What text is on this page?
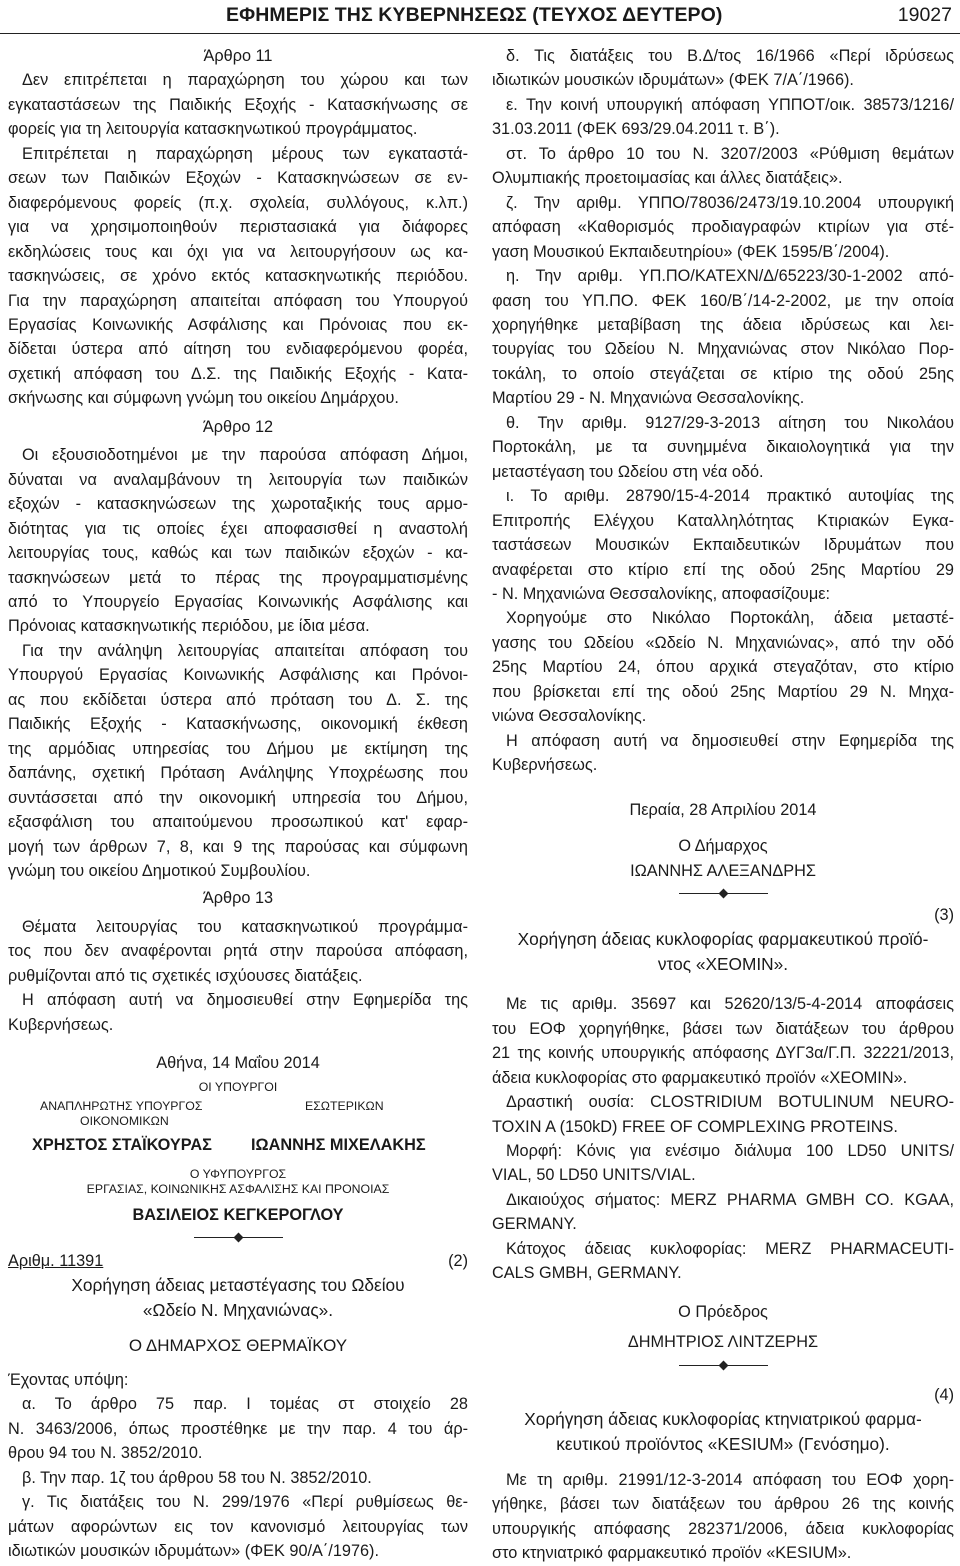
ΕΦΗΜΕΡΙΣ ΤΗΣ ΚΥΒΕΡΝΗΣΕΩΣ (ΤΕΥΧΟΣ ΔΕΥΤΕΡΟ)	19027

Άρθρο 11

Δεν επιτρέπεται η παραχώρηση του χώρου και των

εγκαταστάσεων της Παιδικής Εξοχής - Κατασκήνωσης σε

φορείς για τη λειτουργία κατασκηνωτικού προγράμματος.

Επιτρέπεται η παραχώρηση μέρους των εγκαταστά-

σεων των Παιδικών Εξοχών - Κατασκηνώσεων σε εν-

διαφερόμενους φορείς (π.χ. σχολεία, συλλόγους, κ.λπ.)

για να χρησιμοποιηθούν περιστασιακά για διάφορες

εκδηλώσεις τους και όχι για να λειτουργήσουν ως κα-

τασκηνώσεις, σε χρόνο εκτός κατασκηνωτικής περιόδου.

Για την παραχώρηση απαιτείται απόφαση του Υπουργού

Εργασίας Κοινωνικής Ασφάλισης και Πρόνοιας που εκ-

δίδεται ύστερα από αίτηση του ενδιαφερόμενου φορέα,

σχετική απόφαση του Δ.Σ. της Παιδικής Εξοχής - Κατα-

σκήνωσης και σύμφωνη γνώμη του οικείου Δημάρχου.

Άρθρο 12

Οι εξουσιοδοτημένοι με την παρούσα απόφαση Δήμοι,

δύναται να αναλαμβάνουν τη λειτουργία των παιδικών

εξοχών - κατασκηνώσεων της χωροταξικής τους αρμο-

διότητας για τις οποίες έχει αποφασισθεί η αναστολή

λειτουργίας τους, καθώς και των παιδικών εξοχών - κα-

τασκηνώσεων μετά το πέρας της προγραμματισμένης

από το Υπουργείο Εργασίας Κοινωνικής Ασφάλισης και

Πρόνοιας κατασκηνωτικής περιόδου, με ίδια μέσα.

Για την ανάληψη λειτουργίας απαιτείται απόφαση του

Υπουργού Εργασίας Κοινωνικής Ασφάλισης και Πρόνοι-

ας που εκδίδεται ύστερα από πρόταση του Δ. Σ. της

Παιδικής Εξοχής - Κατασκήνωσης, οικονομική έκθεση

της αρμόδιας υπηρεσίας του Δήμου με εκτίμηση της

δαπάνης, σχετική Πρόταση Ανάληψης Υποχρέωσης που

συντάσσεται από την οικονομική υπηρεσία του Δήμου,

εξασφάλιση του απαιτούμενου προσωπικού κατ' εφαρ-

μογή των άρθρων 7, 8, και 9 της παρούσας και σύμφωνη

γνώμη του οικείου Δημοτικού Συμβουλίου.

Άρθρο 13

Θέματα λειτουργίας του κατασκηνωτικού προγράμμα-

τος που δεν αναφέρονται ρητά στην παρούσα απόφαση,

ρυθμίζονται από τις σχετικές ισχύουσες διατάξεις.

Η απόφαση αυτή να δημοσιευθεί στην Εφημερίδα της

Κυβερνήσεως.

Αθήνα, 14 Μαΐου 2014

ΟΙ ΥΠΟΥΡΓΟΙ

ΑΝΑΠΛΗΡΩΤΗΣ ΥΠΟΥΡΓΟΣ
ΟΙΚΟΝΟΜΙΚΩΝ
ΕΣΩΤΕΡΙΚΩΝ
ΧΡΗΣΤΟΣ ΣΤΑΪΚΟΥΡΑΣ ΙΩΑΝΝΗΣ ΜΙΧΕΛΑΚΗΣ

Ο ΥΦΥΠΟΥΡΓΟΣ

ΕΡΓΑΣΙΑΣ, ΚΟΙΝΩΝΙΚΗΣ ΑΣΦΑΛΙΣΗΣ ΚΑΙ ΠΡΟΝΟΙΑΣ

ΒΑΣΙΛΕΙΟΣ ΚΕΓΚΕΡΟΓΛΟΥ

Αριθμ. 11391	(2)

Χορήγηση άδειας μεταστέγασης του Ωδείου

«Ωδείο Ν. Μηχανιώνας».

Ο ΔΗΜΑΡΧΟΣ ΘΕΡΜΑΪΚΟΥ

Έχοντας υπόψη:

α. Το άρθρο 75 παρ. Ι τομέας στ στοιχείο 28

Ν. 3463/2006, όπως προστέθηκε με την παρ. 4 του άρ-

θρου 94 του Ν. 3852/2010.

β. Την παρ. 1ζ του άρθρου 58 του Ν. 3852/2010.

γ. Τις διατάξεις του Ν. 299/1976 «Περί ρυθμίσεως θε-

μάτων αφορώντων εις τον κανονισμό λειτουργίας των

ιδιωτικών μουσικών ιδρυμάτων» (ΦΕΚ 90/Α΄/1976).

δ. Τις διατάξεις του Β.Δ/τος 16/1966 «Περί ιδρύσεως

ιδιωτικών μουσικών ιδρυμάτων» (ΦΕΚ 7/Α΄/1966).

ε. Την κοινή υπουργική απόφαση ΥΠΠΟΤ/οικ. 38573/1216/

31.03.2011 (ΦΕΚ 693/29.04.2011 τ. Β΄).

στ. Το άρθρο 10 του Ν. 3207/2003 «Ρύθμιση θεμάτων

Ολυμπιακής προετοιμασίας και άλλες διατάξεις».

ζ. Την αριθμ. ΥΠΠΟ/78036/2473/19.10.2004 υπουργική

απόφαση «Καθορισμός προδιαγραφών κτιρίων για στέ-

γαση Μουσικού Εκπαιδευτηρίου» (ΦΕΚ 1595/Β΄/2004).

η. Την αριθμ. ΥΠ.ΠΟ/ΚΑΤΕΧΝ/Δ/65223/30-1-2002 από-

φαση του ΥΠ.ΠΟ. ΦΕΚ 160/Β΄/14-2-2002, με την οποία

χορηγήθηκε μεταβίβαση της άδεια ιδρύσεως και λει-

τουργίας του Ωδείου Ν. Μηχανιώνας στον Νικόλαο Πορ-

τοκάλη, το οποίο στεγάζεται σε κτίριο της οδού 25ης

Μαρτίου 29 - Ν. Μηχανιώνα Θεσσαλονίκης.

θ. Την αριθμ. 9127/29-3-2013 αίτηση του Νικολάου

Πορτοκάλη, με τα συνημμένα δικαιολογητικά για την

μεταστέγαση του Ωδείου στη νέα οδό.

ι. Το αριθμ. 28790/15-4-2014 πρακτικό αυτοψίας της

Επιτροπής Ελέγχου Καταλληλότητας Κτιριακών Εγκα-

ταστάσεων Μουσικών Εκπαιδευτικών Ιδρυμάτων που

αναφέρεται στο κτίριο επί της οδού 25ης Μαρτίου 29

- Ν. Μηχανιώνα Θεσσαλονίκης, αποφασίζουμε:

Χορηγούμε στο Νικόλαο Πορτοκάλη, άδεια μεταστέ-

γασης του Ωδείου «Ωδείο Ν. Μηχανιώνας», από την οδό

25ης Μαρτίου 24, όπου αρχικά στεγαζόταν, στο κτίριο

που βρίσκεται επί της οδού 25ης Μαρτίου 29 Ν. Μηχα-

νιώνα Θεσσαλονίκης.

Η απόφαση αυτή να δημοσιευθεί στην Εφημερίδα της

Κυβερνήσεως.

Περαία, 28 Απριλίου 2014

Ο Δήμαρχος

ΙΩΑΝΝΗΣ ΑΛΕΞΑΝΔΡΗΣ

(3)

Χορήγηση άδειας κυκλοφορίας φαρμακευτικού προϊό-

ντος «XEOMIN».

Με τις αριθμ. 35697 και 52620/13/5-4-2014 αποφάσεις

του ΕΟΦ χορηγήθηκε, βάσει των διατάξεων του άρθρου

21 της κοινής υπουργικής απόφασης ΔΥΓ3α/Γ.Π. 32221/2013,

άδεια κυκλοφορίας στο φαρμακευτικό προϊόν «XEOMIN».

Δραστική ουσία: CLOSTRIDIUM BOTULINUM NEURO-

TOXIN A (150kD) FREE OF COMPLEXING PROTEINS.

Μορφή: Κόνις για ενέσιμο διάλυμα 100 LD50 UNITS/

VIAL, 50 LD50 UNITS/VIAL.

Δικαιούχος σήματος: MERZ PHARMA GMBH CO. KGAA,

GERMANY.

Κάτοχος άδειας κυκλοφορίας: MERZ PHARMACEUTI-

CALS GMBH, GERMANY.

Ο Πρόεδρος

ΔΗΜΗΤΡΙΟΣ ΛΙΝΤΖΕΡΗΣ

(4)

Χορήγηση άδειας κυκλοφορίας κτηνιατρικού φαρμα-

κευτικού προϊόντος «KESIUM» (Γενόσημο).

Με τη αριθμ. 21991/12-3-2014 απόφαση του ΕΟΦ χορη-

γήθηκε, βάσει των διατάξεων του άρθρου 26 της κοινής

υπουργικής απόφασης 282371/2006, άδεια κυκλοφορίας

στο κτηνιατρικό φαρμακευτικό προϊόν «KESIUM».
